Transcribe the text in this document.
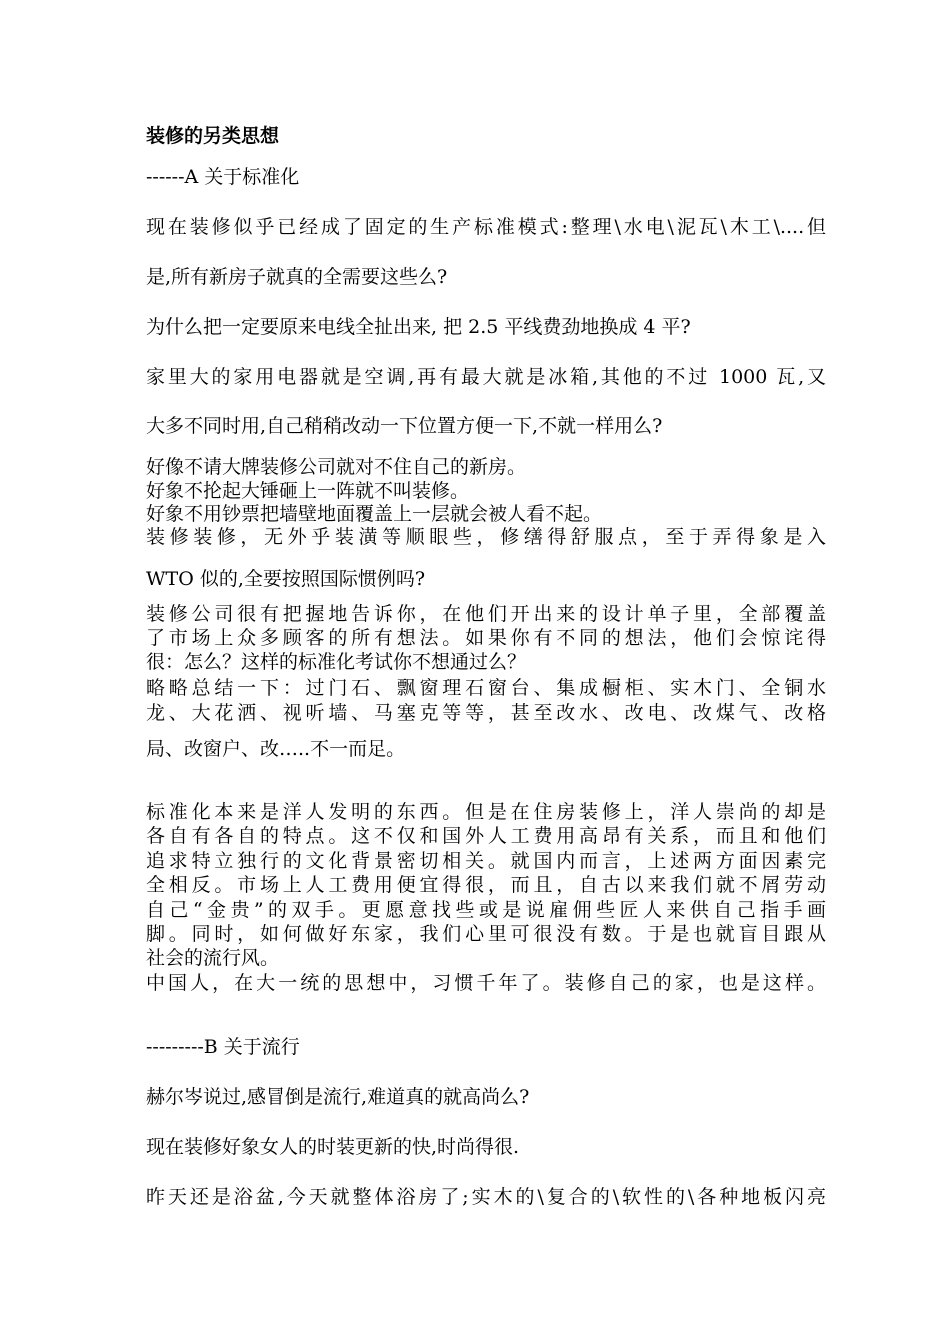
装修的另类思想
------A 关于标准化
现在装修似乎已经成了固定的生产标准模式:整理\水电\泥瓦\木工\....但
是,所有新房子就真的全需要这些么?
为什么把一定要原来电线全扯出来, 把 2.5 平线费劲地换成 4 平?
家里大的家用电器就是空调,再有最大就是冰箱,其他的不过 1000 瓦,又
大多不同时用,自己稍稍改动一下位置方便一下,不就一样用么?
好像不请大牌装修公司就对不住自己的新房。
好象不抡起大锤砸上一阵就不叫装修。
好象不用钞票把墙壁地面覆盖上一层就会被人看不起。
装修装修，无外乎装潢等顺眼些，修缮得舒服点，至于弄得象是入
WTO 似的,全要按照国际惯例吗?
装修公司很有把握地告诉你，在他们开出来的设计单子里，全部覆盖
了市场上众多顾客的所有想法。如果你有不同的想法，他们会惊诧得
很：怎么？这样的标准化考试你不想通过么？
略略总结一下：过门石、飘窗理石窗台、集成橱柜、实木门、全铜水
龙、大花洒、视听墙、马塞克等等，甚至改水、改电、改煤气、改格
局、改窗户、改…..不一而足。
标准化本来是洋人发明的东西。但是在住房装修上，洋人崇尚的却是
各自有各自的特点。这不仅和国外人工费用高昂有关系，而且和他们
追求特立独行的文化背景密切相关。就国内而言，上述两方面因素完
全相反。市场上人工费用便宜得很，而且，自古以来我们就不屑劳动
自己“金贵”的双手。更愿意找些或是说雇佣些匠人来供自己指手画
脚。同时，如何做好东家，我们心里可很没有数。于是也就盲目跟从
社会的流行风。
中国人，在大一统的思想中，习惯千年了。装修自己的家，也是这样。
---------B 关于流行
赫尔岑说过,感冒倒是流行,难道真的就高尚么?
现在装修好象女人的时装更新的快,时尚得很.
昨天还是浴盆,今天就整体浴房了;实木的\复合的\软性的\各种地板闪亮
